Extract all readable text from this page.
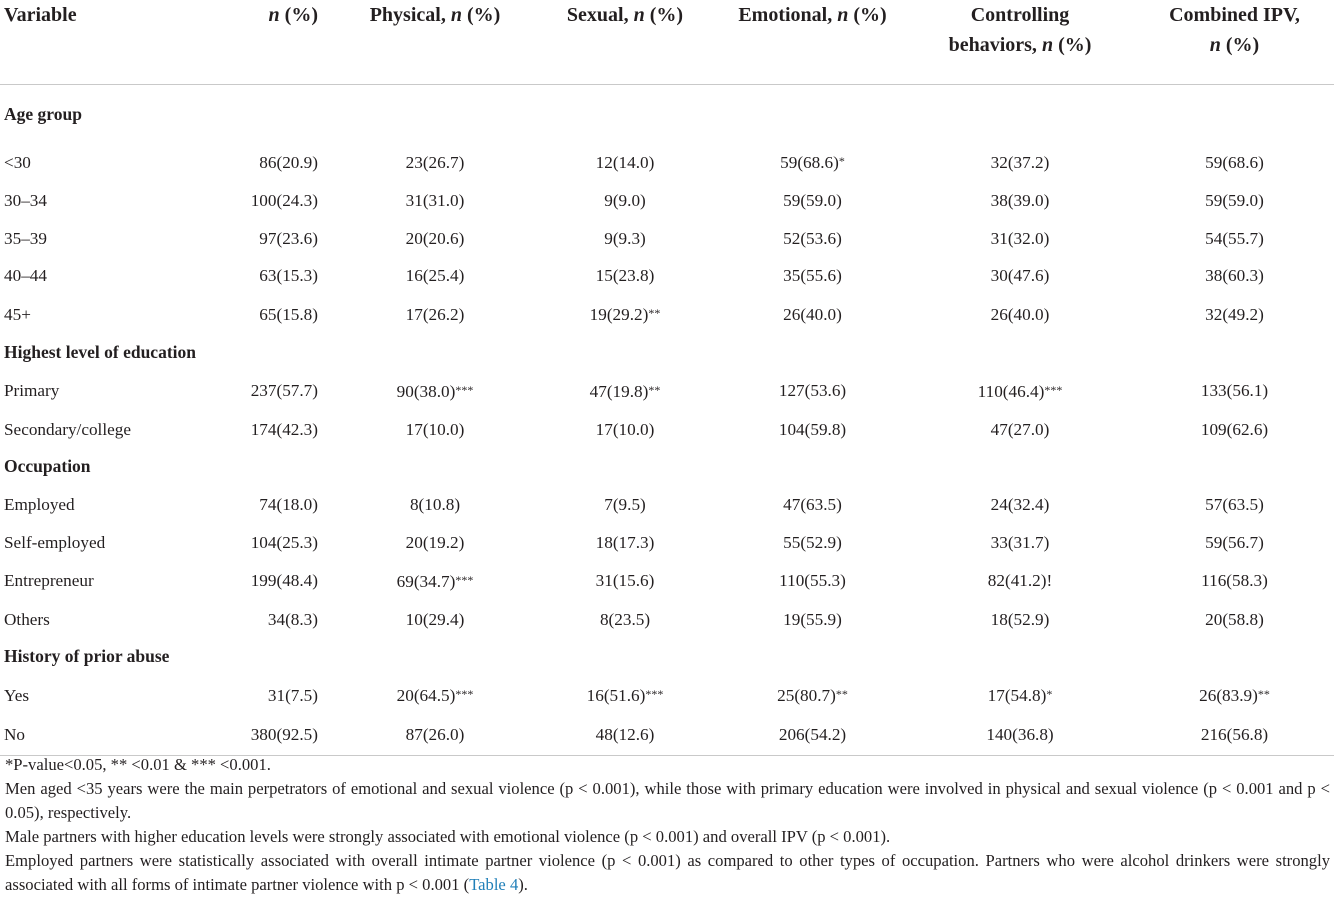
Variable	n (%)	Physical, n (%)	Sexual, n (%)	Emotional, n (%)	Controlling behaviors, n (%)	Combined IPV, n (%)
Age group						
<30	86(20.9)	23(26.7)	12(14.0)	59(68.6)*	32(37.2)	59(68.6)
30–34	100(24.3)	31(31.0)	9(9.0)	59(59.0)	38(39.0)	59(59.0)
35–39	97(23.6)	20(20.6)	9(9.3)	52(53.6)	31(32.0)	54(55.7)
40–44	63(15.3)	16(25.4)	15(23.8)	35(55.6)	30(47.6)	38(60.3)
45+	65(15.8)	17(26.2)	19(29.2)**	26(40.0)	26(40.0)	32(49.2)
Highest level of education						
Primary	237(57.7)	90(38.0)***	47(19.8)**	127(53.6)	110(46.4)***	133(56.1)
Secondary/college	174(42.3)	17(10.0)	17(10.0)	104(59.8)	47(27.0)	109(62.6)
Occupation						
Employed	74(18.0)	8(10.8)	7(9.5)	47(63.5)	24(32.4)	57(63.5)
Self-employed	104(25.3)	20(19.2)	18(17.3)	55(52.9)	33(31.7)	59(56.7)
Entrepreneur	199(48.4)	69(34.7)***	31(15.6)	110(55.3)	82(41.2)!	116(58.3)
Others	34(8.3)	10(29.4)	8(23.5)	19(55.9)	18(52.9)	20(58.8)
History of prior abuse						
Yes	31(7.5)	20(64.5)***	16(51.6)***	25(80.7)**	17(54.8)*	26(83.9)**
No	380(92.5)	87(26.0)	48(12.6)	206(54.2)	140(36.8)	216(56.8)

*P-value<0.05, ** <0.01 & *** <0.001.

Men aged <35 years were the main perpetrators of emotional and sexual violence (p < 0.001), while those with primary education were involved in physical and sexual violence (p < 0.001 and p < 0.05), respectively.

Male partners with higher education levels were strongly associated with emotional violence (p < 0.001) and overall IPV (p < 0.001).

Employed partners were statistically associated with overall intimate partner violence (p < 0.001) as compared to other types of occupation. Partners who were alcohol drinkers were strongly associated with all forms of intimate partner violence with p < 0.001 (Table 4).
